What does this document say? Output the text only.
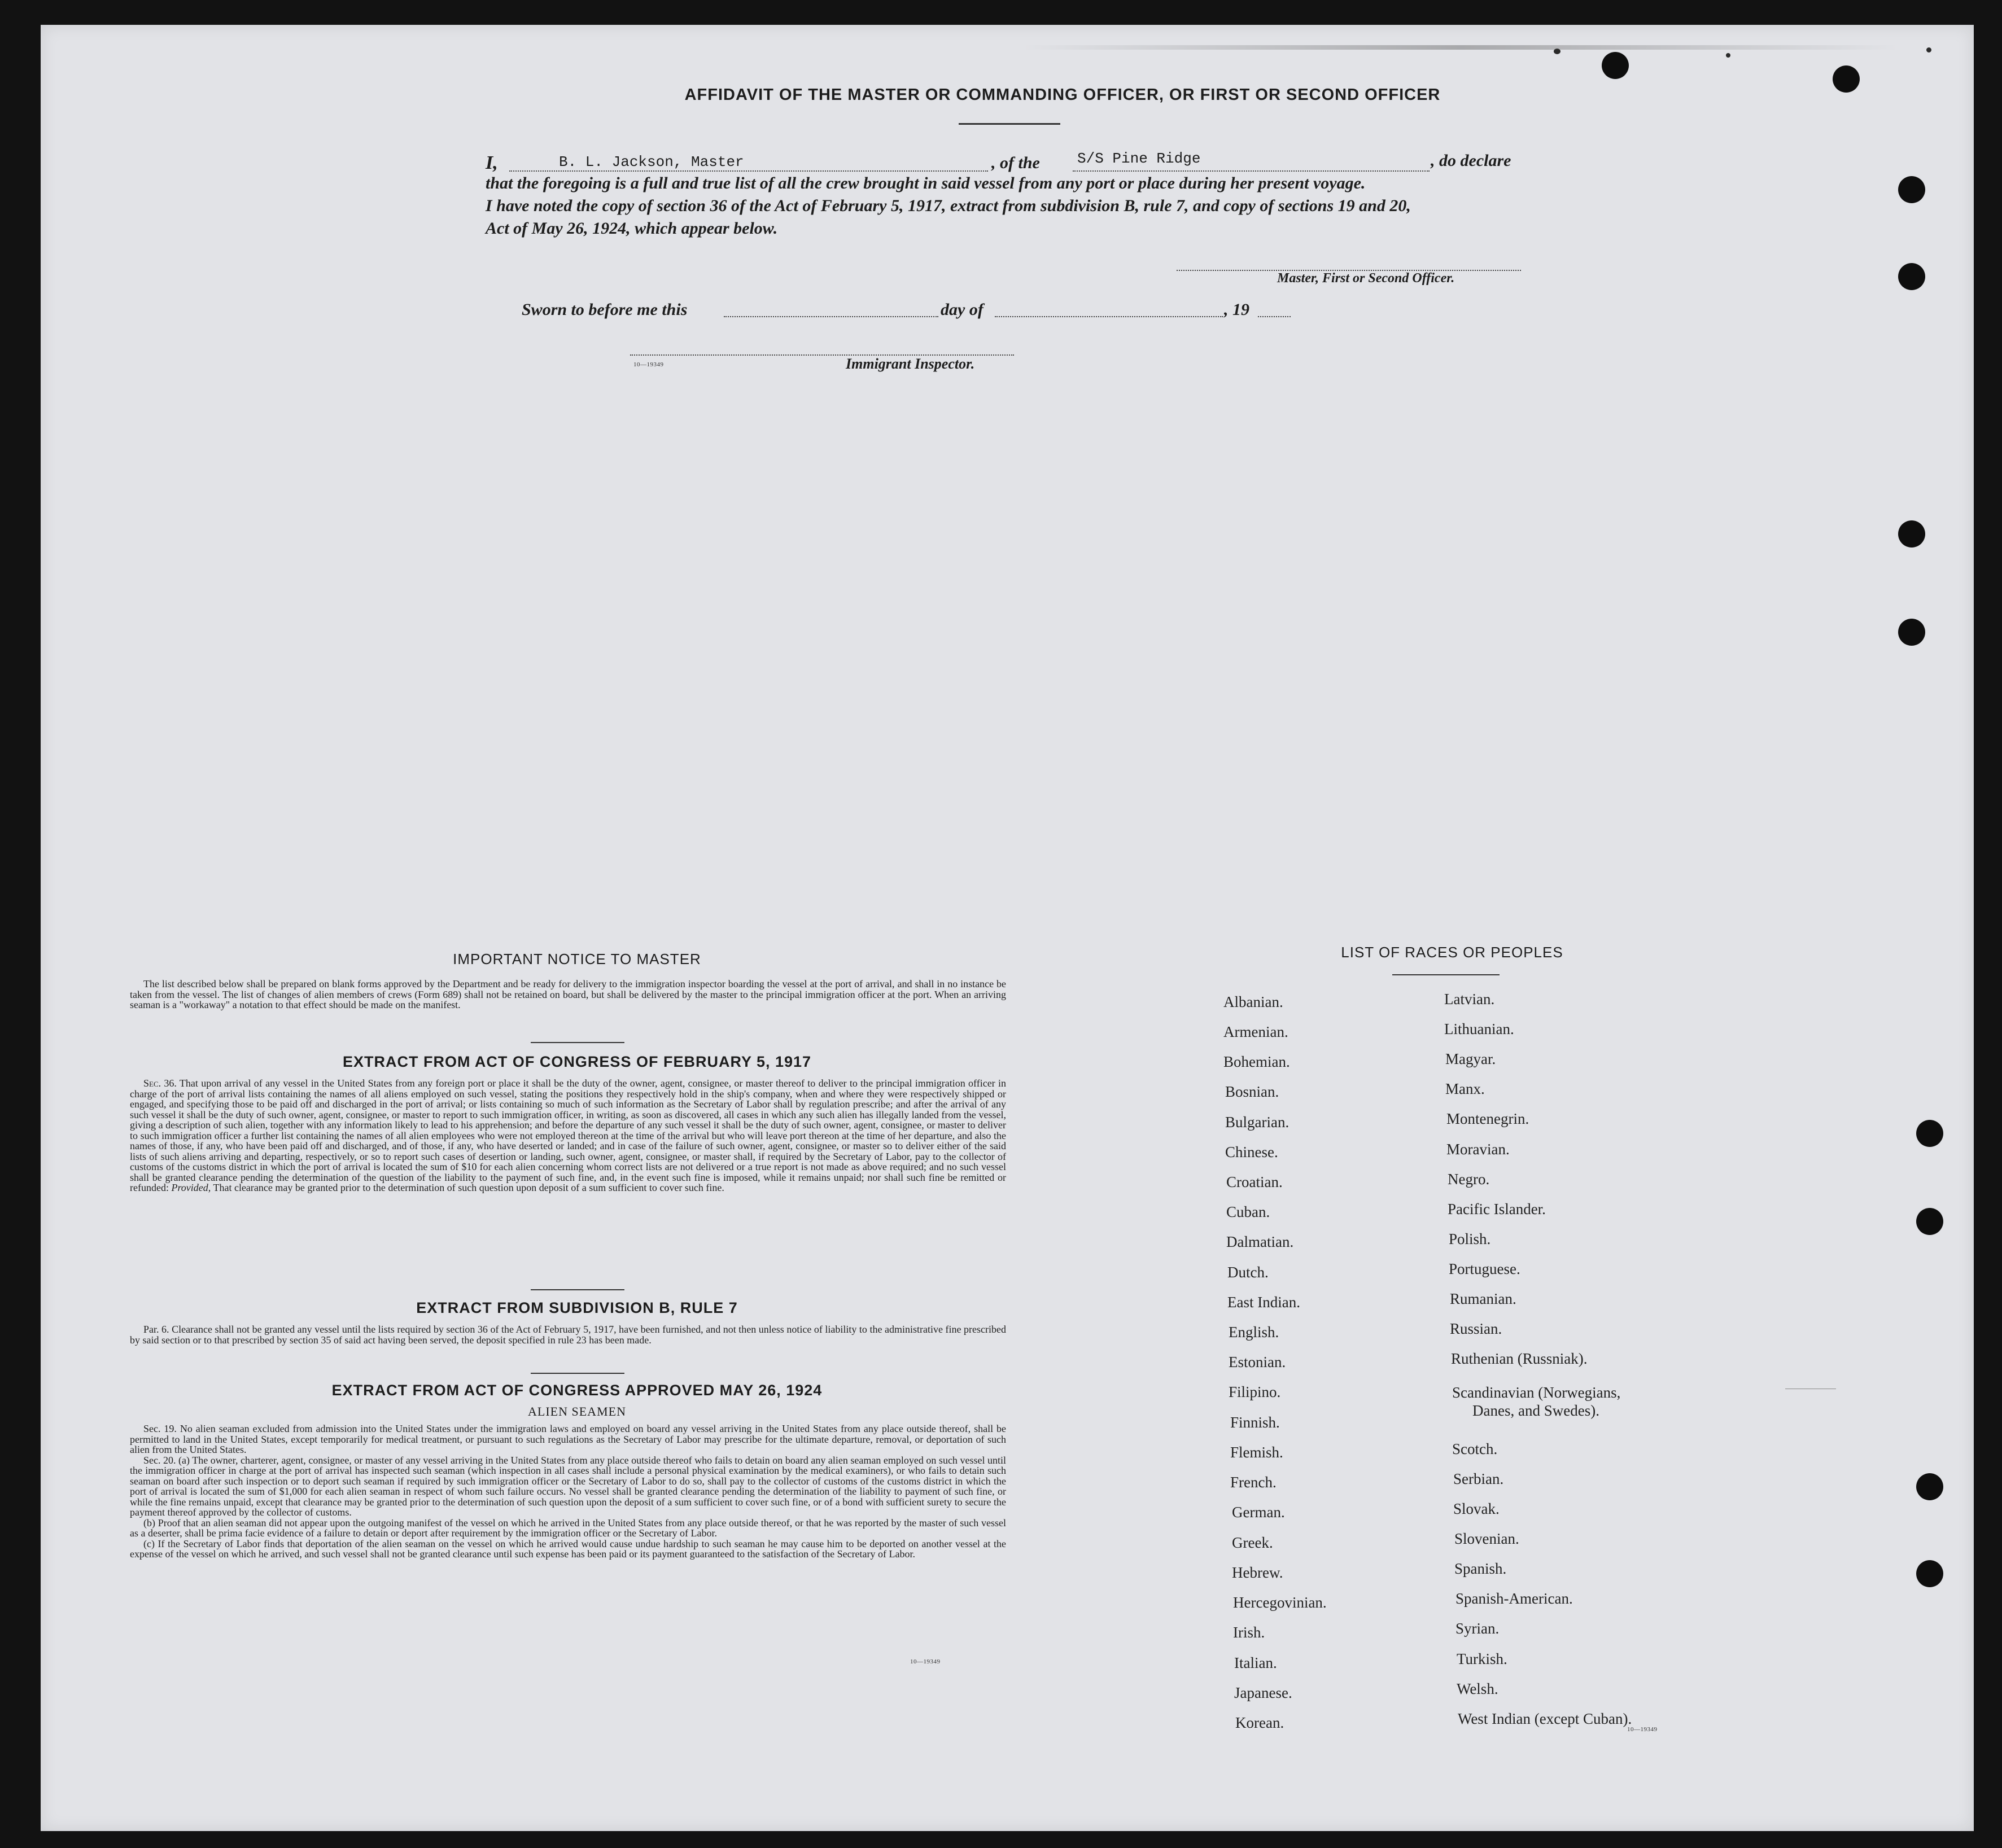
AFFIDAVIT OF THE MASTER OR COMMANDING OFFICER, OR FIRST OR SECOND OFFICER
I,	B. L. Jackson, Master	, of the	S/S Pine Ridge	, do declare
that the foregoing is a full and true list of all the crew brought in said vessel from any port or place during her present voyage.
I have noted the copy of section 36 of the Act of February 5, 1917, extract from subdivision B, rule 7, and copy of sections 19 and 20,
Act of May 26, 1924, which appear below.
Master, First or Second Officer.
Sworn to before me this	day of	, 19
10—19349	Immigrant Inspector.
IMPORTANT NOTICE TO MASTER
The list described below shall be prepared on blank forms approved by the Department and be ready for delivery to the immigration inspector boarding the vessel at the port of arrival, and shall in no instance be taken from the vessel. The list of changes of alien members of crews (Form 689) shall not be retained on board, but shall be delivered by the master to the principal immigration officer at the port. When an arriving seaman is a "workaway" a notation to that effect should be made on the manifest.
EXTRACT FROM ACT OF CONGRESS OF FEBRUARY 5, 1917
Sec. 36. That upon arrival of any vessel in the United States from any foreign port or place it shall be the duty of the owner, agent, consignee, or master thereof to deliver to the principal immigration officer in charge of the port of arrival lists containing the names of all aliens employed on such vessel, stating the positions they respectively hold in the ship's company, when and where they were respectively shipped or engaged, and specifying those to be paid off and discharged in the port of arrival; or lists containing so much of such information as the Secretary of Labor shall by regulation prescribe; and after the arrival of any such vessel it shall be the duty of such owner, agent, consignee, or master to report to such immigration officer, in writing, as soon as discovered, all cases in which any such alien has illegally landed from the vessel, giving a description of such alien, together with any information likely to lead to his apprehension; and before the departure of any such vessel it shall be the duty of such owner, agent, consignee, or master to deliver to such immigration officer a further list containing the names of all alien employees who were not employed thereon at the time of the arrival but who will leave port thereon at the time of her departure, and also the names of those, if any, who have been paid off and discharged, and of those, if any, who have deserted or landed; and in case of the failure of such owner, agent, consignee, or master so to deliver either of the said lists of such aliens arriving and departing, respectively, or so to report such cases of desertion or landing, such owner, agent, consignee, or master shall, if required by the Secretary of Labor, pay to the collector of customs of the customs district in which the port of arrival is located the sum of $10 for each alien concerning whom correct lists are not delivered or a true report is not made as above required; and no such vessel shall be granted clearance pending the determination of the question of the liability to the payment of such fine, and, in the event such fine is imposed, while it remains unpaid; nor shall such fine be remitted or refunded: Provided, That clearance may be granted prior to the determination of such question upon deposit of a sum sufficient to cover such fine.
EXTRACT FROM SUBDIVISION B, RULE 7
Par. 6. Clearance shall not be granted any vessel until the lists required by section 36 of the Act of February 5, 1917, have been furnished, and not then unless notice of liability to the administrative fine prescribed by said section or to that prescribed by section 35 of said act having been served, the deposit specified in rule 23 has been made.
EXTRACT FROM ACT OF CONGRESS APPROVED MAY 26, 1924
ALIEN SEAMEN
Sec. 19. No alien seaman excluded from admission into the United States under the immigration laws and employed on board any vessel arriving in the United States from any place outside thereof, shall be permitted to land in the United States, except temporarily for medical treatment, or pursuant to such regulations as the Secretary of Labor may prescribe for the ultimate departure, removal, or deportation of such alien from the United States.
Sec. 20. (a) The owner, charterer, agent, consignee, or master of any vessel arriving in the United States from any place outside thereof who fails to detain on board any alien seaman employed on such vessel until the immigration officer in charge at the port of arrival has inspected such seaman (which inspection in all cases shall include a personal physical examination by the medical examiners), or who fails to detain such seaman on board after such inspection or to deport such seaman if required by such immigration officer or the Secretary of Labor to do so, shall pay to the collector of customs of the customs district in which the port of arrival is located the sum of $1,000 for each alien seaman in respect of whom such failure occurs. No vessel shall be granted clearance pending the determination of the liability to payment of such fine, or while the fine remains unpaid, except that clearance may be granted prior to the determination of such question upon the deposit of a sum sufficient to cover such fine, or of a bond with sufficient surety to secure the payment thereof approved by the collector of customs.
(b) Proof that an alien seaman did not appear upon the outgoing manifest of the vessel on which he arrived in the United States from any place outside thereof, or that he was reported by the master of such vessel as a deserter, shall be prima facie evidence of a failure to detain or deport after requirement by the immigration officer or the Secretary of Labor.
(c) If the Secretary of Labor finds that deportation of the alien seaman on the vessel on which he arrived would cause undue hardship to such seaman he may cause him to be deported on another vessel at the expense of the vessel on which he arrived, and such vessel shall not be granted clearance until such expense has been paid or its payment guaranteed to the satisfaction of the Secretary of Labor.
10—19349
LIST OF RACES OR PEOPLES
Albanian.
Armenian.
Bohemian.
Bosnian.
Bulgarian.
Chinese.
Croatian.
Cuban.
Dalmatian.
Dutch.
East Indian.
English.
Estonian.
Filipino.
Finnish.
Flemish.
French.
German.
Greek.
Hebrew.
Hercegovinian.
Irish.
Italian.
Japanese.
Korean.
Latvian.
Lithuanian.
Magyar.
Manx.
Montenegrin.
Moravian.
Negro.
Pacific Islander.
Polish.
Portuguese.
Rumanian.
Russian.
Ruthenian (Russniak).
Scandinavian (Norwegians,
Danes, and Swedes).
Scotch.
Serbian.
Slovak.
Slovenian.
Spanish.
Spanish-American.
Syrian.
Turkish.
Welsh.
West Indian (except Cuban).
10—19349
